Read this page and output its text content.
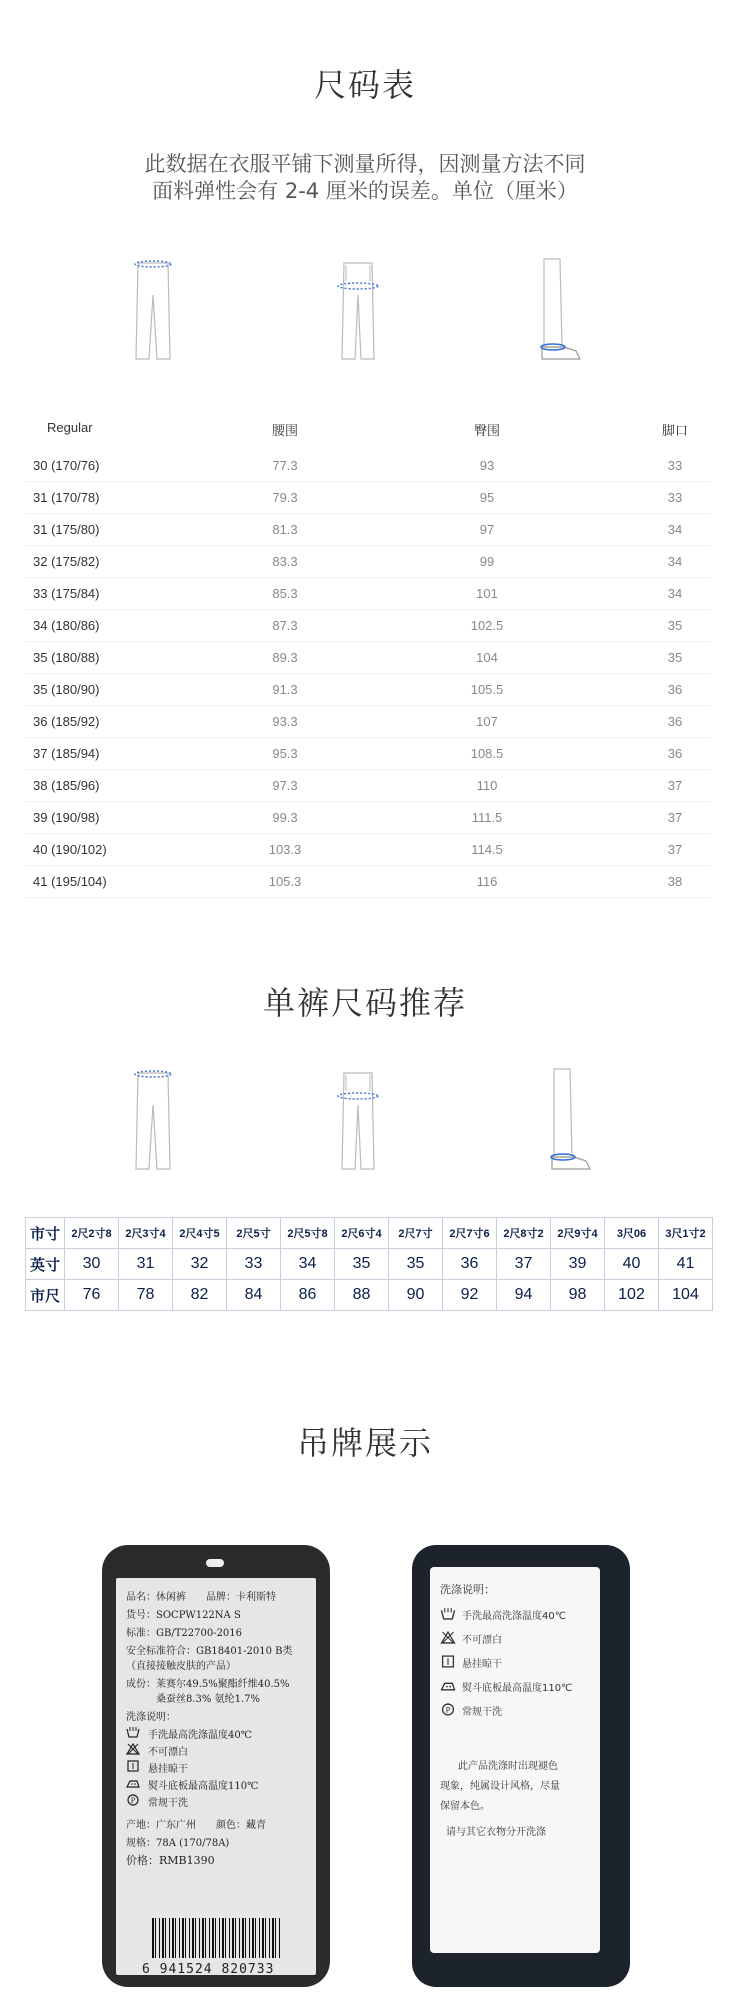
尺码表
此数据在衣服平铺下测量所得，因测量方法不同
面料弹性会有 2-4 厘米的误差。单位（厘米）
Regular	腰围	臀围	脚口
30 (170/76)	77.3	93	33
31 (170/78)	79.3	95	33
31 (175/80)	81.3	97	34
32 (175/82)	83.3	99	34
33 (175/84)	85.3	101	34
34 (180/86)	87.3	102.5	35
35 (180/88)	89.3	104	35
35 (180/90)	91.3	105.5	36
36 (185/92)	93.3	107	36
37 (185/94)	95.3	108.5	36
38 (185/96)	97.3	110	37
39 (190/98)	99.3	111.5	37
40 (190/102)	103.3	114.5	37
41 (195/104)	105.3	116	38
单裤尺码推荐
市寸	2尺2寸8	2尺3寸4	2尺4寸5	2尺5寸	2尺5寸8	2尺6寸4	2尺7寸	2尺7寸6	2尺8寸2	2尺9寸4	3尺06	3尺1寸2
英寸	30	31	32	33	34	35	35	36	37	39	40	41
市尺	76	78	82	84	86	88	90	92	94	98	102	104
吊牌展示
品名：休闲裤　　品牌：卡利斯特
货号：SOCPW122NA S
标准：GB/T22700-2016
安全标准符合：GB18401-2010 B类
（直接接触皮肤的产品）
成份：莱赛尔49.5%聚酯纤维40.5%
　　　桑蚕丝8.3% 氨纶1.7%
洗涤说明：
手洗最高洗涤温度40℃
不可漂白
悬挂晾干
熨斗底板最高温度110℃
P 常规干洗
产地：广东广州　　颜色：藏青
规格：78A (170/78A)
价格：RMB1390
6 941524 820733
洗涤说明：
手洗最高洗涤温度40℃
不可漂白
悬挂晾干
熨斗底板最高温度110℃
P 常规干洗
此产品洗涤时出现褪色
现象，纯属设计风格，尽量
保留本色。
请与其它衣物分开洗涤
